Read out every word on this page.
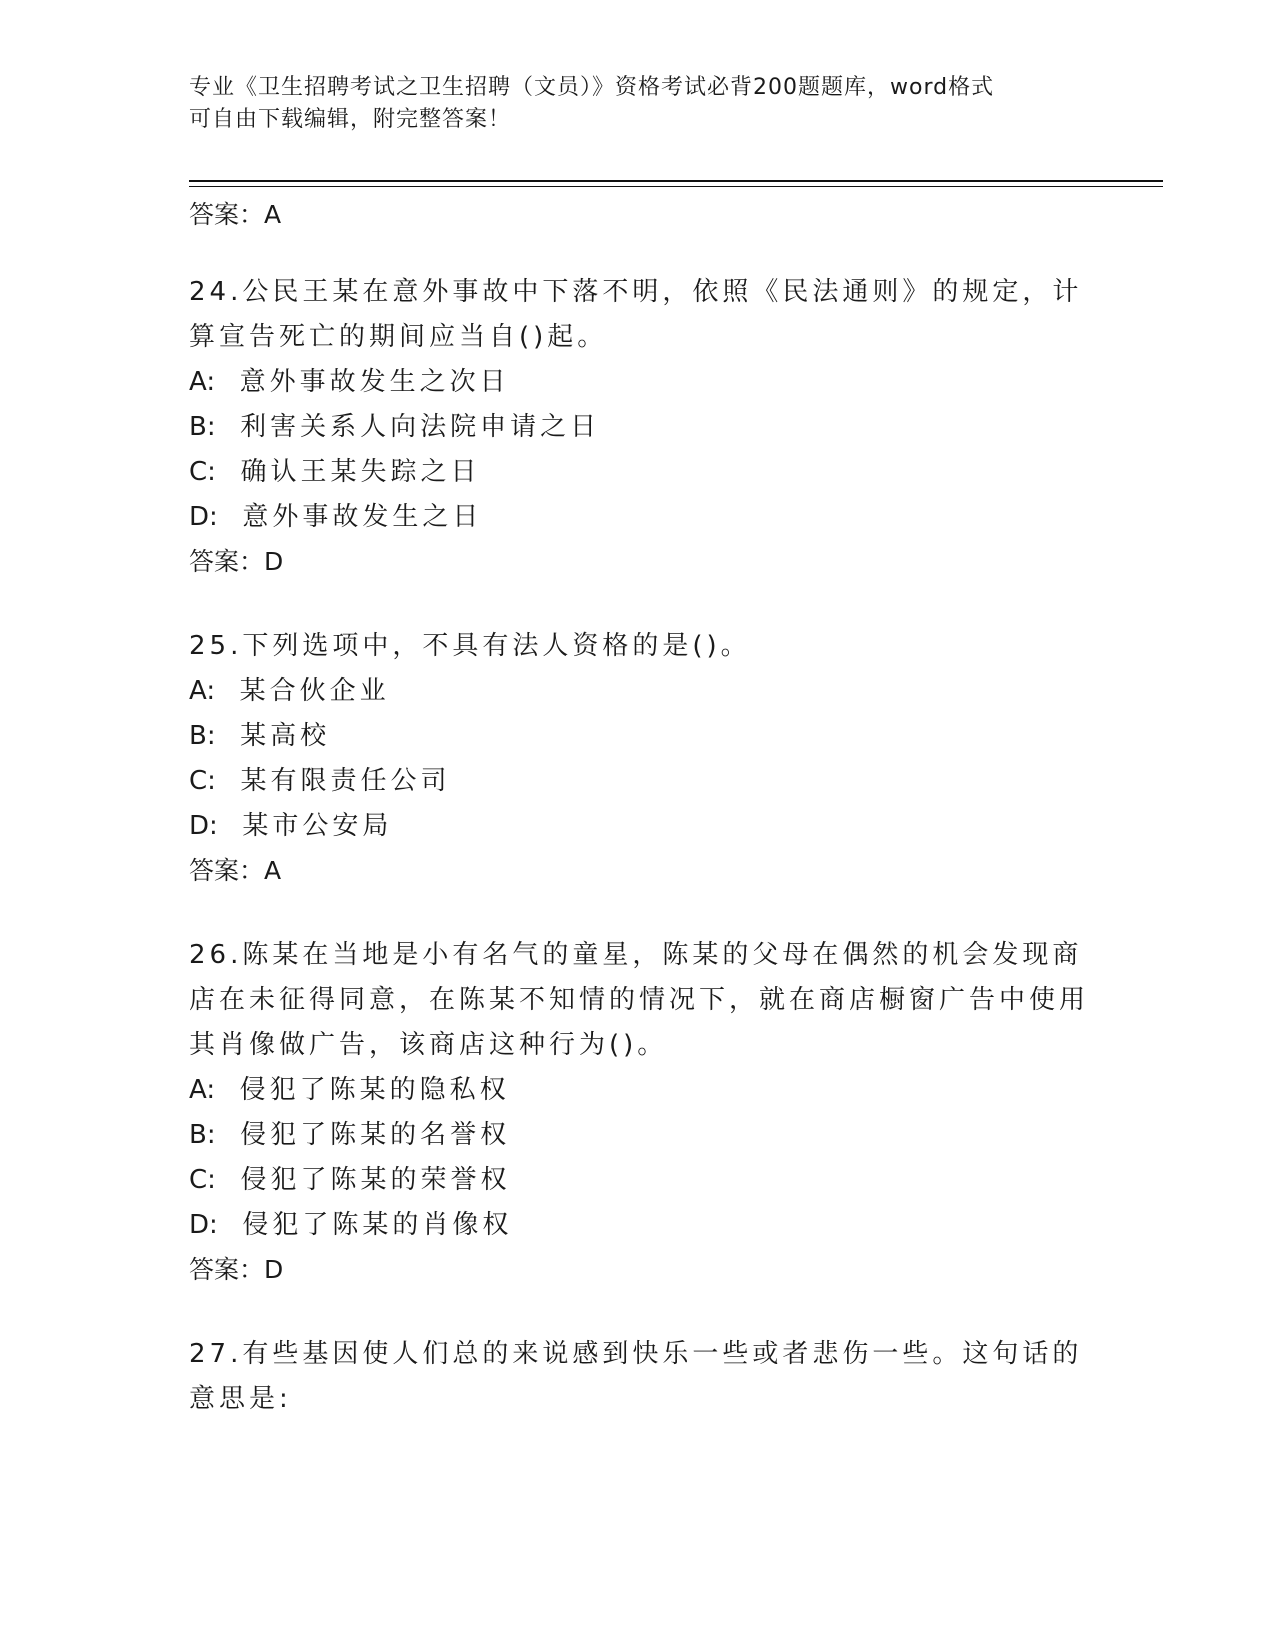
专业《卫生招聘考试之卫生招聘（文员）》资格考试必背200题题库，word格式
可自由下载编辑，附完整答案！
答案：A
24.公民王某在意外事故中下落不明，依照《民法通则》的规定，计算宣告死亡的期间应当自()起。
A: 意外事故发生之次日
B: 利害关系人向法院申请之日
C: 确认王某失踪之日
D: 意外事故发生之日
答案：D
25.下列选项中，不具有法人资格的是()。
A: 某合伙企业
B: 某高校
C: 某有限责任公司
D: 某市公安局
答案：A
26.陈某在当地是小有名气的童星，陈某的父母在偶然的机会发现商店在未征得同意，在陈某不知情的情况下，就在商店橱窗广告中使用其肖像做广告，该商店这种行为()。
A: 侵犯了陈某的隐私权
B: 侵犯了陈某的名誉权
C: 侵犯了陈某的荣誉权
D: 侵犯了陈某的肖像权
答案：D
27.有些基因使人们总的来说感到快乐一些或者悲伤一些。这句话的意思是:
